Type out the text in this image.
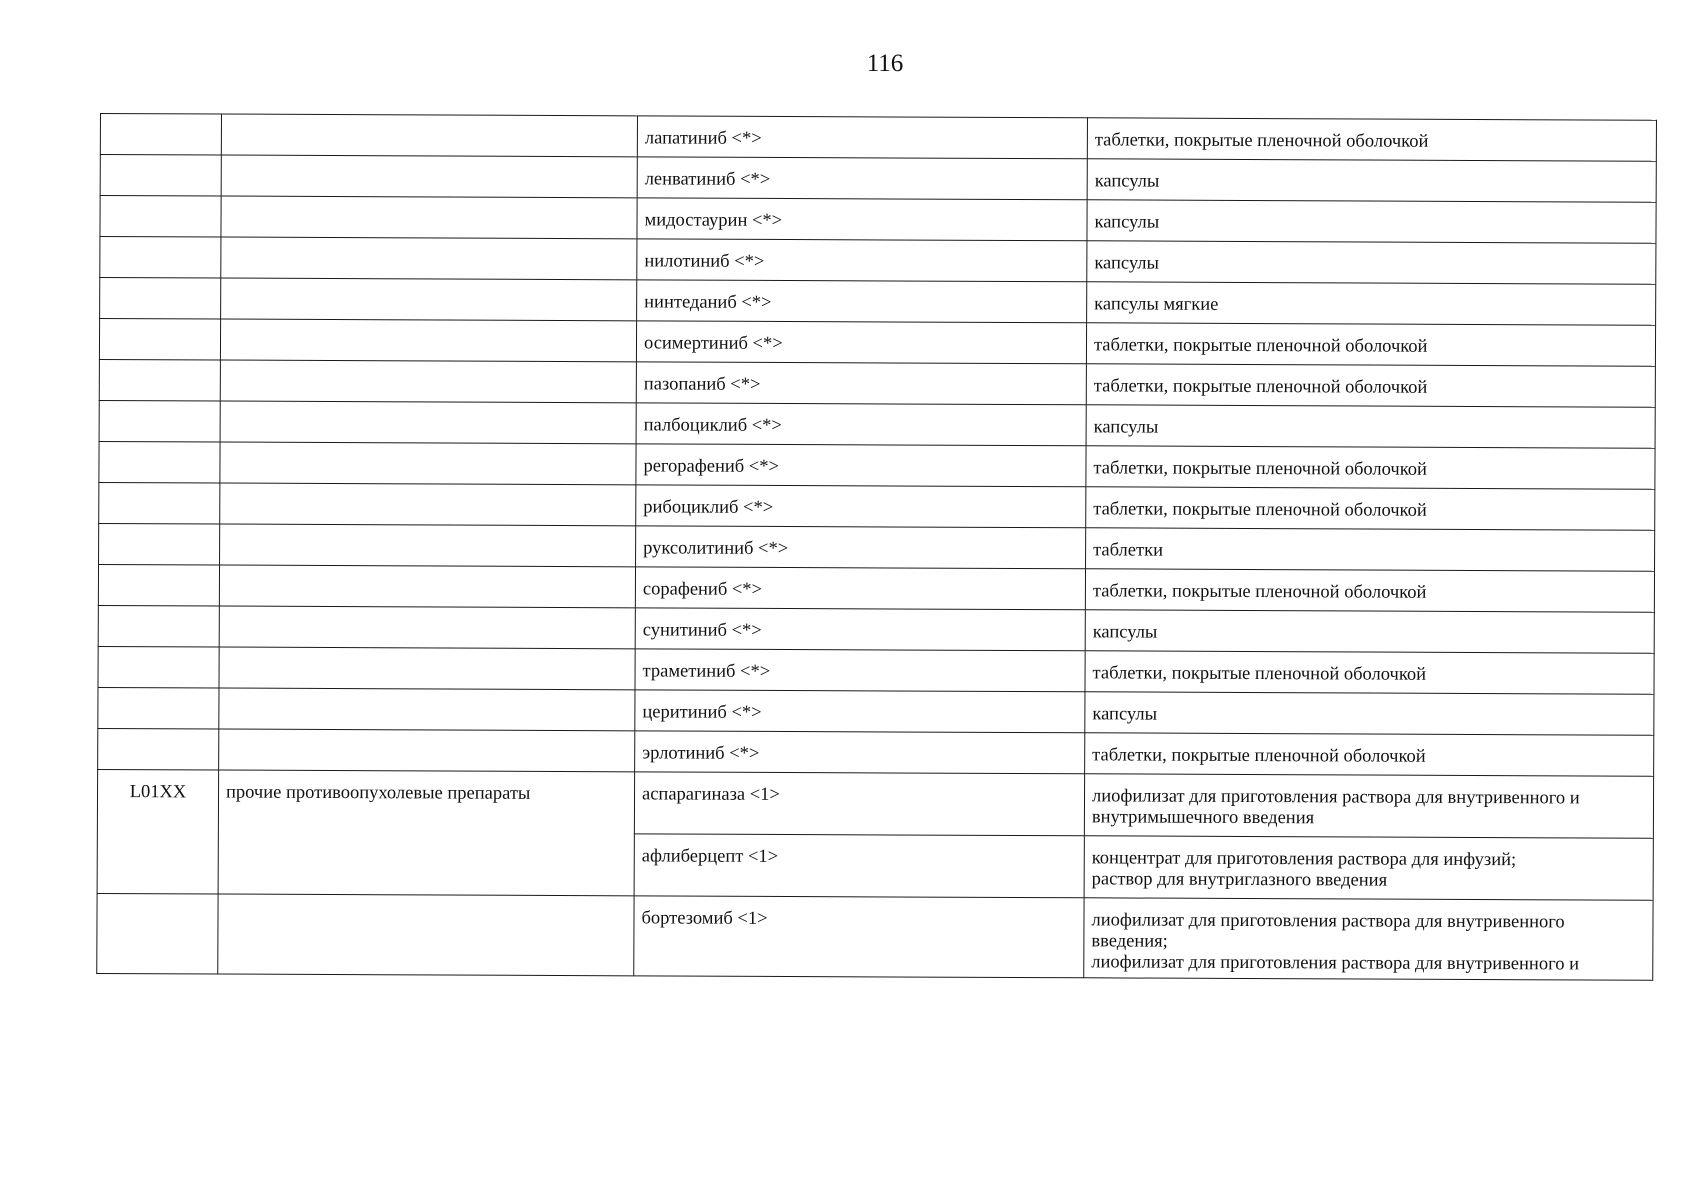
116
		лапатиниб <*>	таблетки, покрытые пленочной оболочкой
		ленватиниб <*>	капсулы
		мидостаурин <*>	капсулы
		нилотиниб <*>	капсулы
		нинтеданиб <*>	капсулы мягкие
		осимертиниб <*>	таблетки, покрытые пленочной оболочкой
		пазопаниб <*>	таблетки, покрытые пленочной оболочкой
		палбоциклиб <*>	капсулы
		регорафениб <*>	таблетки, покрытые пленочной оболочкой
		рибоциклиб <*>	таблетки, покрытые пленочной оболочкой
		руксолитиниб <*>	таблетки
		сорафениб <*>	таблетки, покрытые пленочной оболочкой
		сунитиниб <*>	капсулы
		траметиниб <*>	таблетки, покрытые пленочной оболочкой
		церитиниб <*>	капсулы
		эрлотиниб <*>	таблетки, покрытые пленочной оболочкой
L01XX	прочие противоопухолевые препараты	аспарагиназа <1>	лиофилизат для приготовления раствора для внутривенного и
внутримышечного введения

		афлиберцепт <1>	концентрат для приготовления раствора для инфузий;
раствор для внутриглазного введения

		бортезомиб <1>	лиофилизат для приготовления раствора для внутривенного
введения;
лиофилизат для приготовления раствора для внутривенного и
